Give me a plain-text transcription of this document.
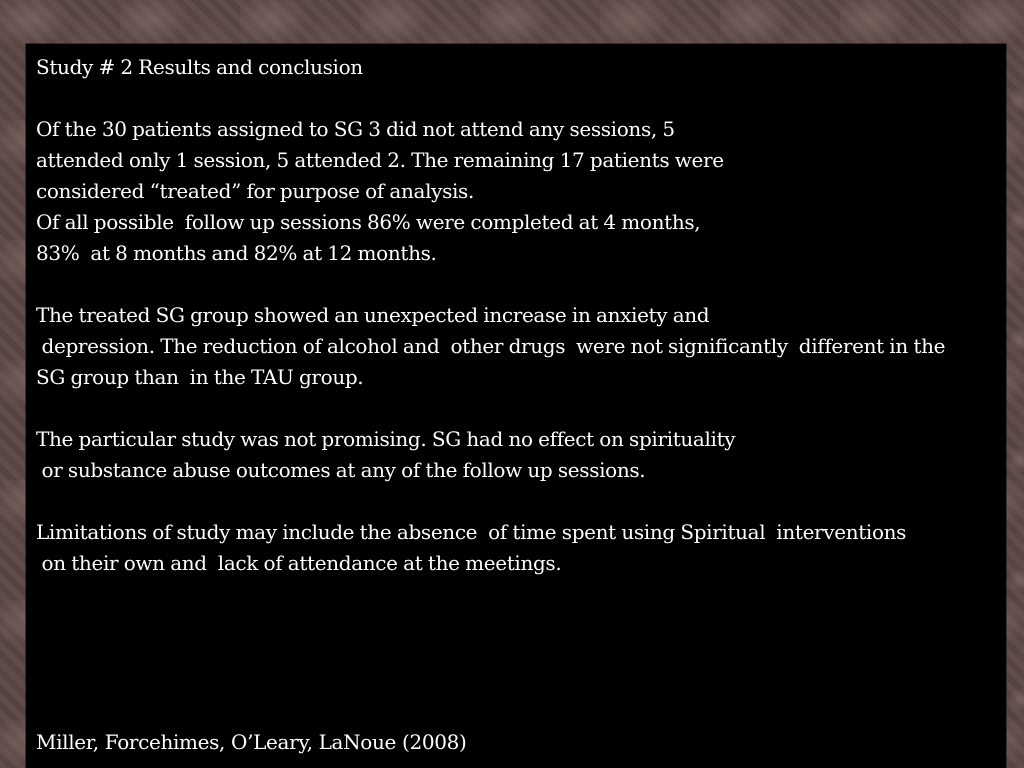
Study # 2 Results and conclusion

Of the 30 patients assigned to SG 3 did not attend any sessions, 5

attended only 1 session, 5 attended 2. The remaining 17 patients were

considered “treated” for purpose of analysis.

Of all possible  follow up sessions 86% were completed at 4 months,

83%  at 8 months and 82% at 12 months.

The treated SG group showed an unexpected increase in anxiety and

depression. The reduction of alcohol and  other drugs  were not significantly  different in the

SG group than  in the TAU group.

The particular study was not promising. SG had no effect on spirituality

or substance abuse outcomes at any of the follow up sessions.

Limitations of study may include the absence  of time spent using Spiritual  interventions

on their own and  lack of attendance at the meetings.

Miller, Forcehimes, O’Leary, LaNoue (2008)
